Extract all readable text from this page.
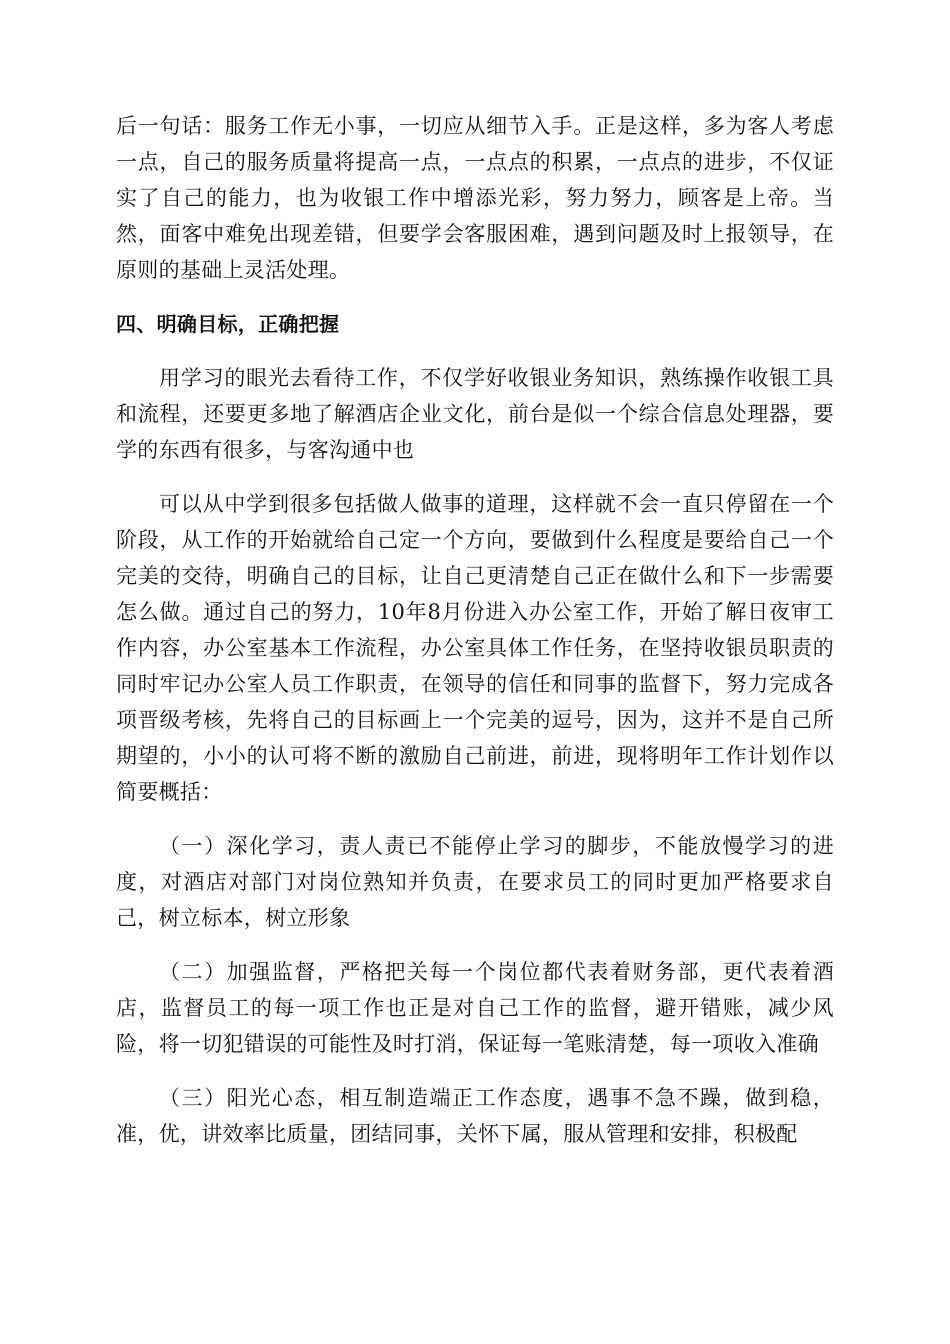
后一句话：服务工作无小事，一切应从细节入手。正是这样，多为客人考虑一点，自己的服务质量将提高一点，一点点的积累，一点点的进步，不仅证实了自己的能力，也为收银工作中增添光彩，努力努力，顾客是上帝。当然，面客中难免出现差错，但要学会客服困难，遇到问题及时上报领导，在原则的基础上灵活处理。

四、明确目标，正确把握

用学习的眼光去看待工作，不仅学好收银业务知识，熟练操作收银工具和流程，还要更多地了解酒店企业文化，前台是似一个综合信息处理器，要学的东西有很多，与客沟通中也

可以从中学到很多包括做人做事的道理，这样就不会一直只停留在一个阶段，从工作的开始就给自己定一个方向，要做到什么程度是要给自己一个完美的交待，明确自己的目标，让自己更清楚自己正在做什么和下一步需要怎么做。通过自己的努力，10年8月份进入办公室工作，开始了解日夜审工作内容，办公室基本工作流程，办公室具体工作任务，在坚持收银员职责的同时牢记办公室人员工作职责，在领导的信任和同事的监督下，努力完成各项晋级考核，先将自己的目标画上一个完美的逗号，因为，这并不是自己所期望的，小小的认可将不断的激励自己前进，前进，现将明年工作计划作以简要概括：

（一）深化学习，责人责已不能停止学习的脚步，不能放慢学习的进度，对酒店对部门对岗位熟知并负责，在要求员工的同时更加严格要求自己，树立标本，树立形象

（二）加强监督，严格把关每一个岗位都代表着财务部，更代表着酒店，监督员工的每一项工作也正是对自己工作的监督，避开错账，减少风险，将一切犯错误的可能性及时打消，保证每一笔账清楚，每一项收入准确

（三）阳光心态，相互制造端正工作态度，遇事不急不躁，做到稳，准，优，讲效率比质量，团结同事，关怀下属，服从管理和安排，积极配
